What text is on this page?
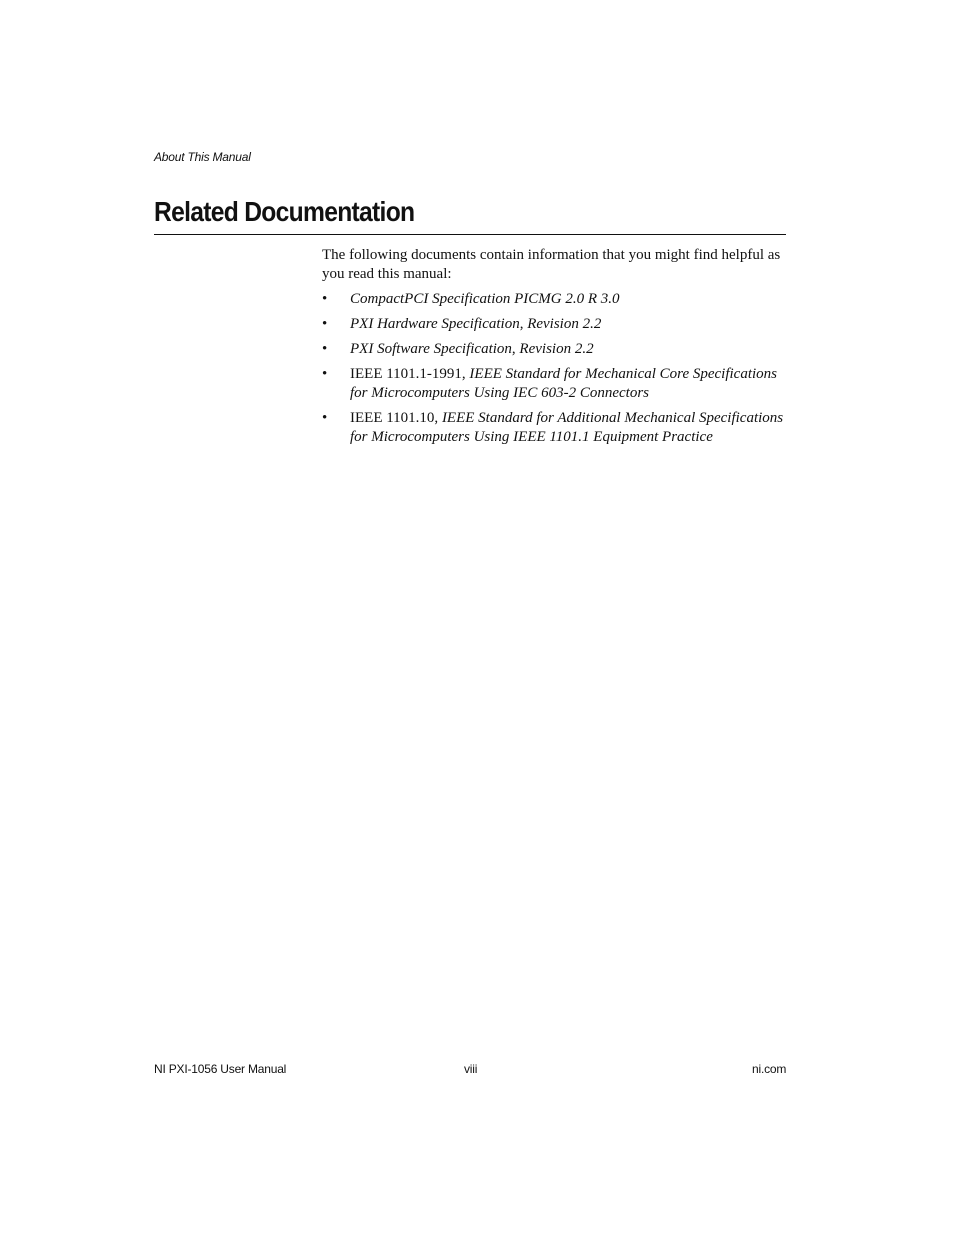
About This Manual
Related Documentation

The following documents contain information that you might find helpful as you read this manual:

• CompactPCI Specification PICMG 2.0 R 3.0
• PXI Hardware Specification, Revision 2.2
• PXI Software Specification, Revision 2.2
• IEEE 1101.1-1991, IEEE Standard for Mechanical Core Specifications for Microcomputers Using IEC 603-2 Connectors
• IEEE 1101.10, IEEE Standard for Additional Mechanical Specifications for Microcomputers Using IEEE 1101.1 Equipment Practice
NI PXI-1056 User Manual	viii	ni.com
